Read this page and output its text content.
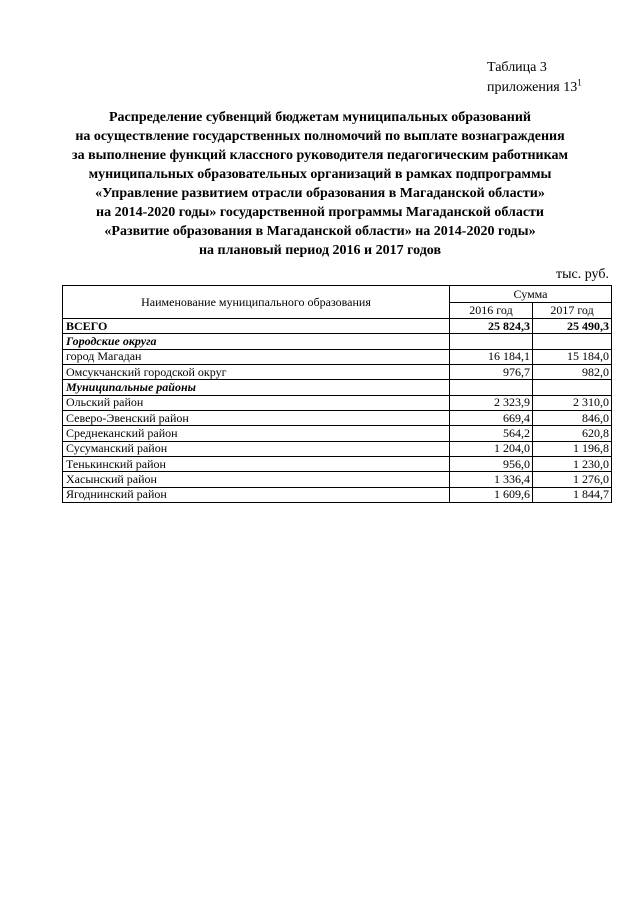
Таблица 3
приложения $13^1$
Распределение субвенций бюджетам муниципальных образований
на осуществление государственных полномочий по выплате вознаграждения
за выполнение функций классного руководителя педагогическим работникам
муниципальных образовательных организаций в рамках подпрограммы
«Управление развитием отрасли образования в Магаданской области»
на 2014-2020 годы» государственной программы Магаданской области
«Развитие образования в Магаданской области» на 2014-2020 годы»
на плановый период 2016 и 2017 годов
тыс. руб.
Наименование муниципального образования	Сумма	
	2016 год	2017 год
ВСЕГО	25 824,3	25 490,3
Городские округа		
город Магадан	16 184,1	15 184,0
Омсукчанский городской округ	976,7	982,0
Муниципальные районы		
Ольский район	2 323,9	2 310,0
Северо-Эвенский район	669,4	846,0
Среднеканский район	564,2	620,8
Сусуманский район	1 204,0	1 196,8
Тенькинский район	956,0	1 230,0
Хасынский район	1 336,4	1 276,0
Ягоднинский район	1 609,6	1 844,7
